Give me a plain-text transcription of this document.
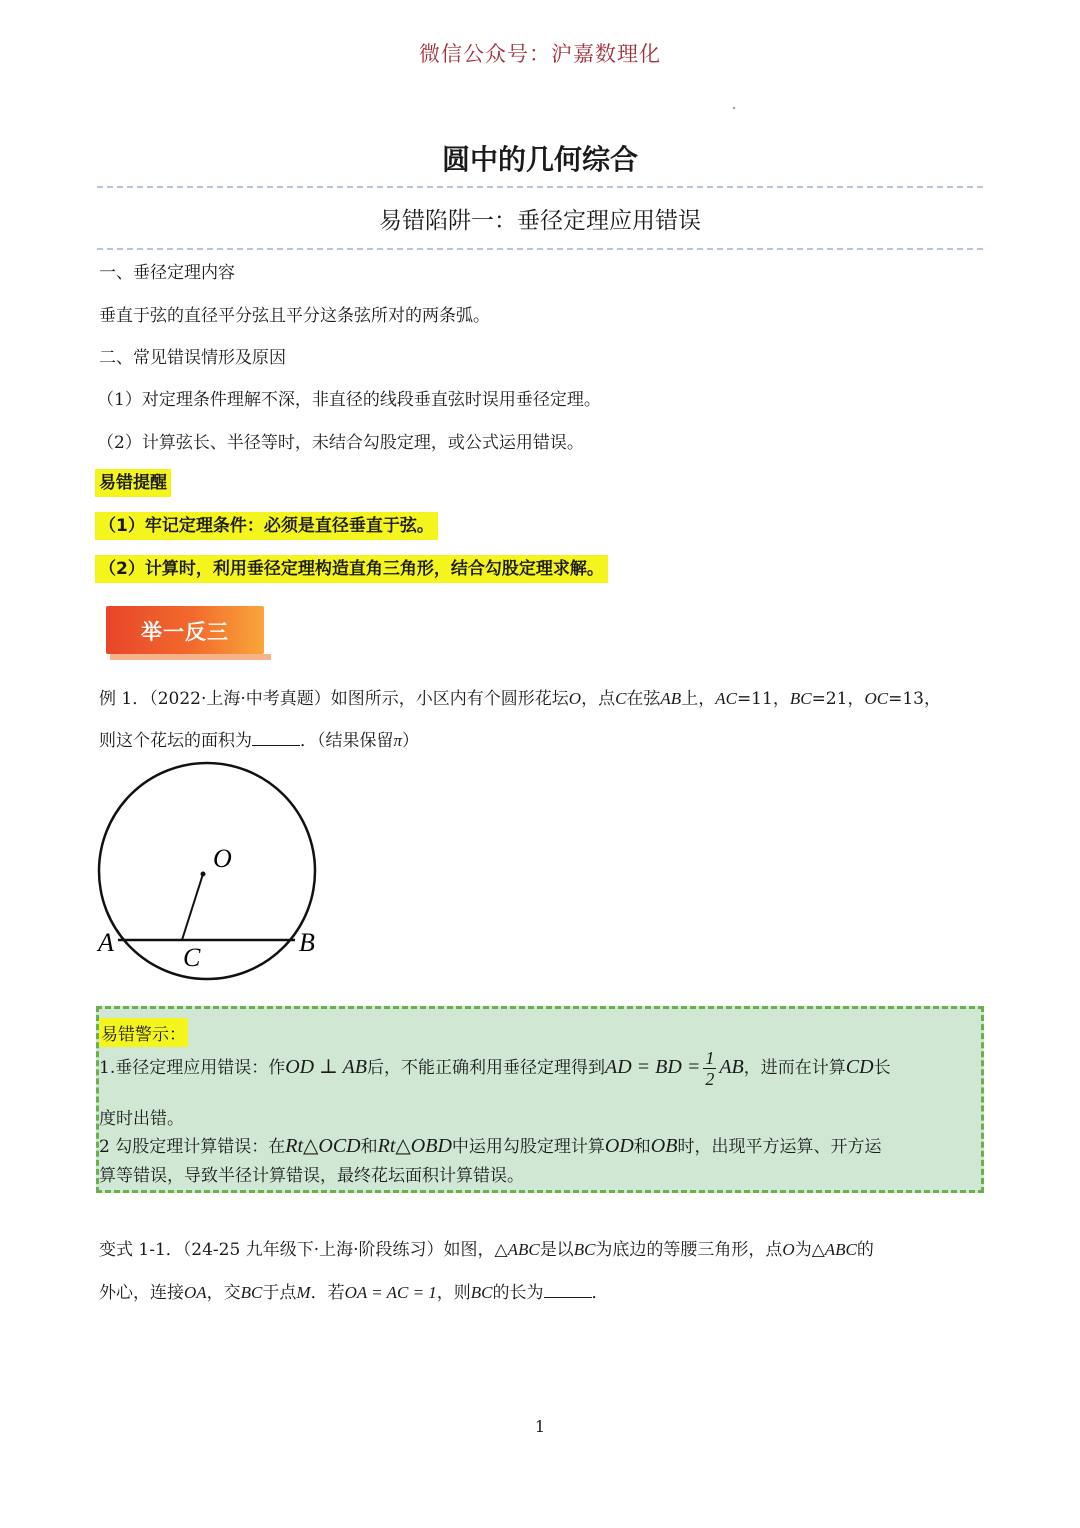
微信公众号：沪嘉数理化
圆中的几何综合
易错陷阱一：垂径定理应用错误
一、垂径定理内容
垂直于弦的直径平分弦且平分这条弦所对的两条弧。
二、常见错误情形及原因
（1）对定理条件理解不深，非直径的线段垂直弦时误用垂径定理。
（2）计算弦长、半径等时，未结合勾股定理，或公式运用错误。
易错提醒
（1）牢记定理条件：必须是直径垂直于弦。
（2）计算时，利用垂径定理构造直角三角形，结合勾股定理求解。
举一反三
例 1．（2022·上海·中考真题）如图所示，小区内有个圆形花坛O，点C在弦AB上，AC=11，BC=21，OC=13，
则这个花坛的面积为	．（结果保留π）
O
A	B
C
易错警示：
1.垂径定理应用错误：作OD ⊥ AB后，不能正确利用垂径定理得到AD = BD = $\frac{1}{2}$ AB，进而在计算CD长
度时出错。
2 勾股定理计算错误：在Rt△OCD和Rt△OBD中运用勾股定理计算OD和OB时，出现平方运算、开方运
算等错误，导致半径计算错误，最终花坛面积计算错误。
变式 1-1．（24-25 九年级下·上海·阶段练习）如图，△ABC是以BC为底边的等腰三角形，点O为△ABC的
外心，连接OA，交BC于点M．若OA = AC = 1，则BC的长为	．
1
